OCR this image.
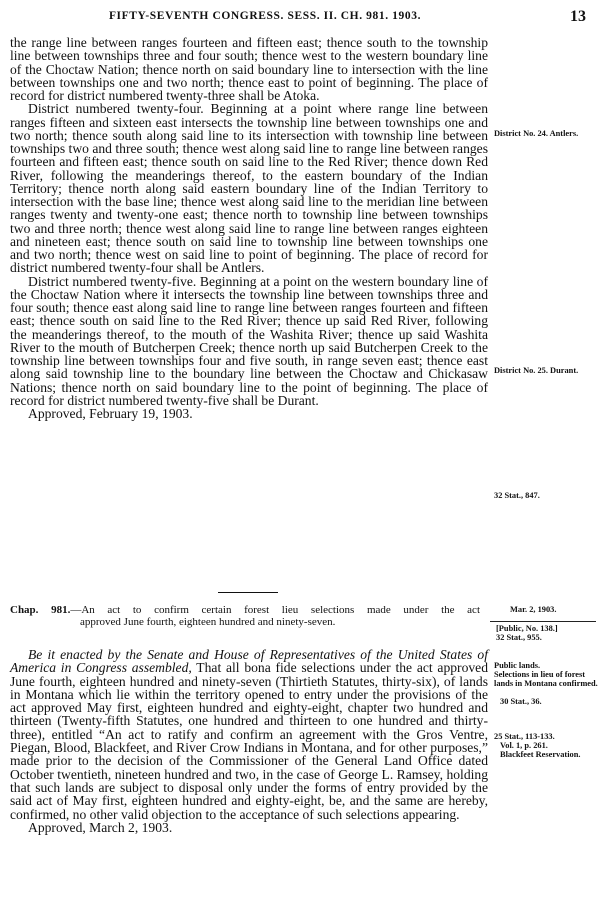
FIFTY-SEVENTH CONGRESS. SESS. II. CH. 981. 1903.	13

the range line between ranges fourteen and fifteen east; thence south to the township line between townships three and four south; thence west to the western boundary line of the Choctaw Nation; thence north on said boundary line to intersection with the line between townships one and two north; thence east to point of beginning. The place of record for district numbered twenty-three shall be Atoka.

District numbered twenty-four. Beginning at a point where range line between ranges fifteen and sixteen east intersects the township line between townships one and two north; thence south along said line to its intersection with township line between townships two and three south; thence west along said line to range line between ranges fourteen and fifteen east; thence south on said line to the Red River; thence down Red River, following the meanderings thereof, to the eastern boundary of the Indian Territory; thence north along said eastern boundary line of the Indian Territory to intersection with the base line; thence west along said line to the meridian line between ranges twenty and twenty-one east; thence north to township line between townships two and three north; thence west along said line to range line between ranges eighteen and nineteen east; thence south on said line to township line between townships one and two north; thence west on said line to point of beginning. The place of record for district numbered twenty-four shall be Antlers.

District numbered twenty-five. Beginning at a point on the western boundary line of the Choctaw Nation where it intersects the township line between townships three and four south; thence east along said line to range line between ranges fourteen and fifteen east; thence south on said line to the Red River; thence up said Red River, following the meanderings thereof, to the mouth of the Washita River; thence up said Washita River to the mouth of Butcherpen Creek; thence north up said Butcherpen Creek to the township line between townships four and five south, in range seven east; thence east along said township line to the boundary line between the Choctaw and Chickasaw Nations; thence north on said boundary line to the point of beginning. The place of record for district numbered twenty-five shall be Durant.

Approved, February 19, 1903.

District No. 24. Antlers.
District No. 25. Durant.
32 Stat., 847.
Chap. 981.—An act to confirm certain forest lieu selections made under the act
approved June fourth, eighteen hundred and ninety-seven.
Mar. 2, 1903.
[Public, No. 138.]
32 Stat., 955.
Public lands.
Selections in lieu of forest lands in Montana confirmed.
30 Stat., 36.
25 Stat., 113-133.
Vol. 1, p. 261.
Blackfeet Reservation.

Be it enacted by the Senate and House of Representatives of the United States of America in Congress assembled, That all bona fide selections under the act approved June fourth, eighteen hundred and ninety-seven (Thirtieth Statutes, thirty-six), of lands in Montana which lie within the territory opened to entry under the provisions of the act approved May first, eighteen hundred and eighty-eight, chapter two hundred and thirteen (Twenty-fifth Statutes, one hundred and thirteen to one hundred and thirty-three), entitled “An act to ratify and confirm an agreement with the Gros Ventre, Piegan, Blood, Blackfeet, and River Crow Indians in Montana, and for other purposes,” made prior to the decision of the Commissioner of the General Land Office dated October twentieth, nineteen hundred and two, in the case of George L. Ramsey, holding that such lands are subject to disposal only under the forms of entry provided by the said act of May first, eighteen hundred and eighty-eight, be, and the same are hereby, confirmed, no other valid objection to the acceptance of such selections appearing.

Approved, March 2, 1903.
